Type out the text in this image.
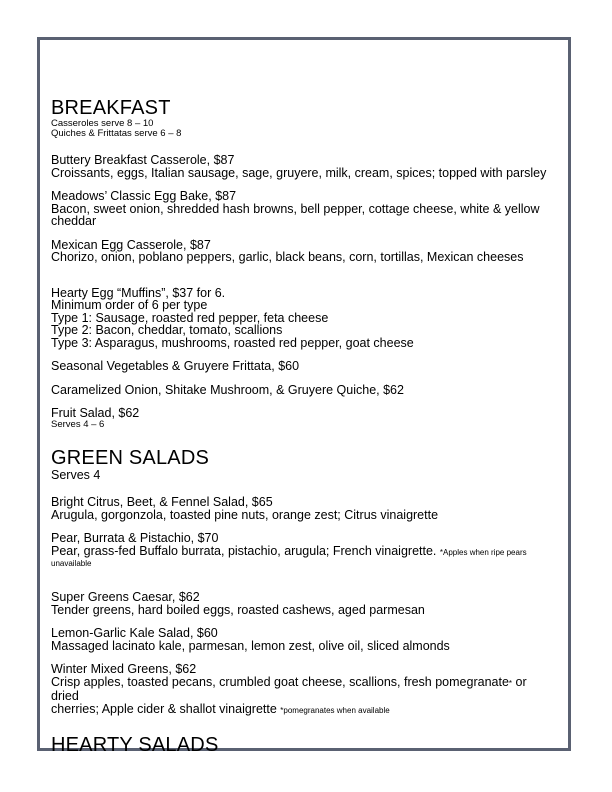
BREAKFAST
Casseroles serve 8 – 10
Quiches & Frittatas serve 6 – 8
Buttery Breakfast Casserole, $87
Croissants, eggs, Italian sausage, sage, gruyere, milk, cream, spices; topped with parsley
Meadows’ Classic Egg Bake, $87
Bacon, sweet onion, shredded hash browns, bell pepper, cottage cheese, white & yellow
cheddar
Mexican Egg Casserole, $87
Chorizo, onion, poblano peppers, garlic, black beans, corn, tortillas, Mexican cheeses
Hearty Egg “Muffins”, $37 for 6.
Minimum order of 6 per type
Type 1: Sausage, roasted red pepper, feta cheese
Type 2: Bacon, cheddar, tomato, scallions
Type 3: Asparagus, mushrooms, roasted red pepper, goat cheese
Seasonal Vegetables & Gruyere Frittata, $60
Caramelized Onion, Shitake Mushroom, & Gruyere Quiche, $62
Fruit Salad, $62
Serves 4 – 6
GREEN SALADS
Serves 4
Bright Citrus, Beet, & Fennel Salad, $65
Arugula, gorgonzola, toasted pine nuts, orange zest; Citrus vinaigrette
Pear, Burrata & Pistachio, $70
Pear, grass-fed Buffalo burrata, pistachio, arugula; French vinaigrette. *Apples when ripe pears
unavailable
Super Greens Caesar, $62
Tender greens, hard boiled eggs, roasted cashews, aged parmesan
Lemon-Garlic Kale Salad, $60
Massaged lacinato kale, parmesan, lemon zest, olive oil, sliced almonds
Winter Mixed Greens, $62
Crisp apples, toasted pecans, crumbled goat cheese, scallions, fresh pomegranate* or dried
cherries; Apple cider & shallot vinaigrette *pomegranates when available
HEARTY SALADS
